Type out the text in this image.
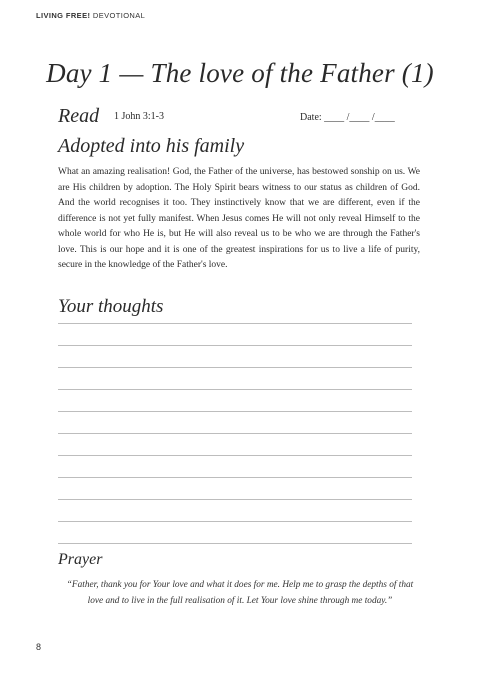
LIVING FREE! DEVOTIONAL
Day 1 — The love of the Father (1)
Read 1 John 3:1-3	Date: ____ /____ /____
Adopted into his family
What an amazing realisation! God, the Father of the universe, has bestowed sonship on us. We are His children by adoption. The Holy Spirit bears witness to our status as children of God. And the world recognises it too. They instinctively know that we are different, even if the difference is not yet fully manifest. When Jesus comes He will not only reveal Himself to the whole world for who He is, but He will also reveal us to be who we are through the Father's love. This is our hope and it is one of the greatest inspirations for us to live a life of purity, secure in the knowledge of the Father's love.
Your thoughts
Prayer
“Father, thank you for Your love and what it does for me. Help me to grasp the depths of that love and to live in the full realisation of it. Let Your love shine through me today.”
8
